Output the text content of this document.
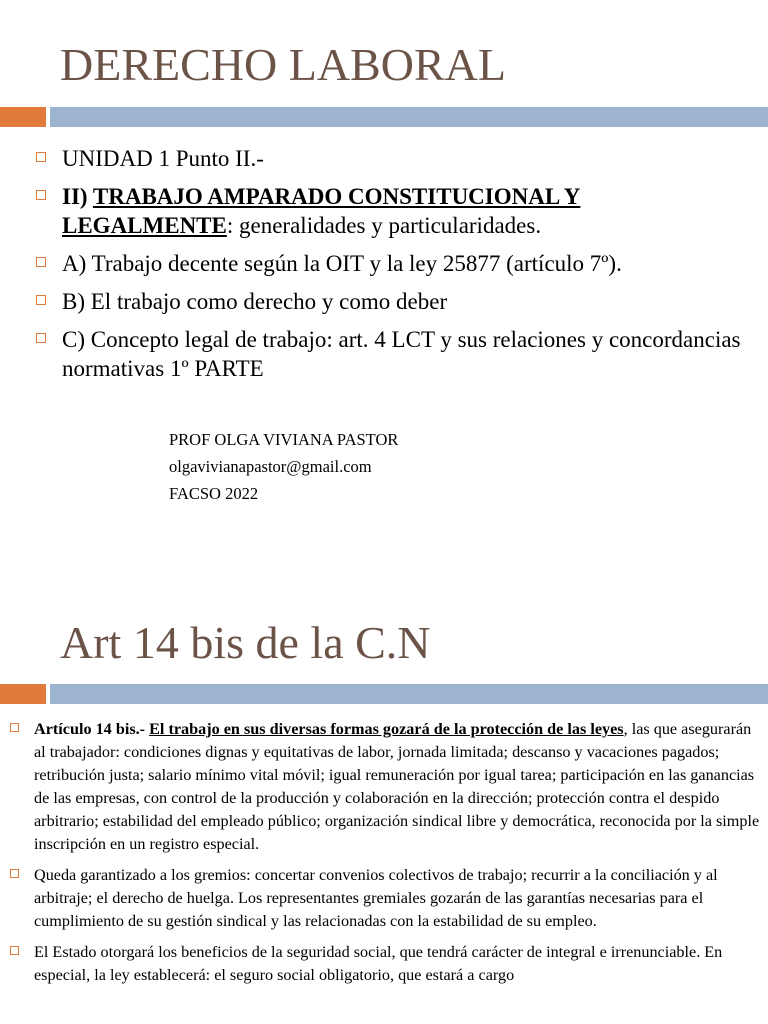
DERECHO LABORAL
UNIDAD 1 Punto II.-
II) TRABAJO AMPARADO CONSTITUCIONAL Y LEGALMENTE: generalidades y particularidades.
A) Trabajo decente según la OIT y la ley 25877 (artículo 7º).
B) El trabajo como derecho y como deber
C) Concepto legal de trabajo: art. 4 LCT y sus relaciones y concordancias normativas 1º PARTE
PROF OLGA VIVIANA PASTOR
olgavivianapastor@gmail.com
FACSO 2022
Art 14 bis de la C.N
Artículo 14 bis.- El trabajo en sus diversas formas gozará de la protección de las leyes, las que asegurarán al trabajador: condiciones dignas y equitativas de labor, jornada limitada; descanso y vacaciones pagados; retribución justa; salario mínimo vital móvil; igual remuneración por igual tarea; participación en las ganancias de las empresas, con control de la producción y colaboración en la dirección; protección contra el despido arbitrario; estabilidad del empleado público; organización sindical libre y democrática, reconocida por la simple inscripción en un registro especial.
Queda garantizado a los gremios: concertar convenios colectivos de trabajo; recurrir a la conciliación y al arbitraje; el derecho de huelga. Los representantes gremiales gozarán de las garantías necesarias para el cumplimiento de su gestión sindical y las relacionadas con la estabilidad de su empleo.
El Estado otorgará los beneficios de la seguridad social, que tendrá carácter de integral e irrenunciable. En especial, la ley establecerá: el seguro social obligatorio, que estará a cargo
